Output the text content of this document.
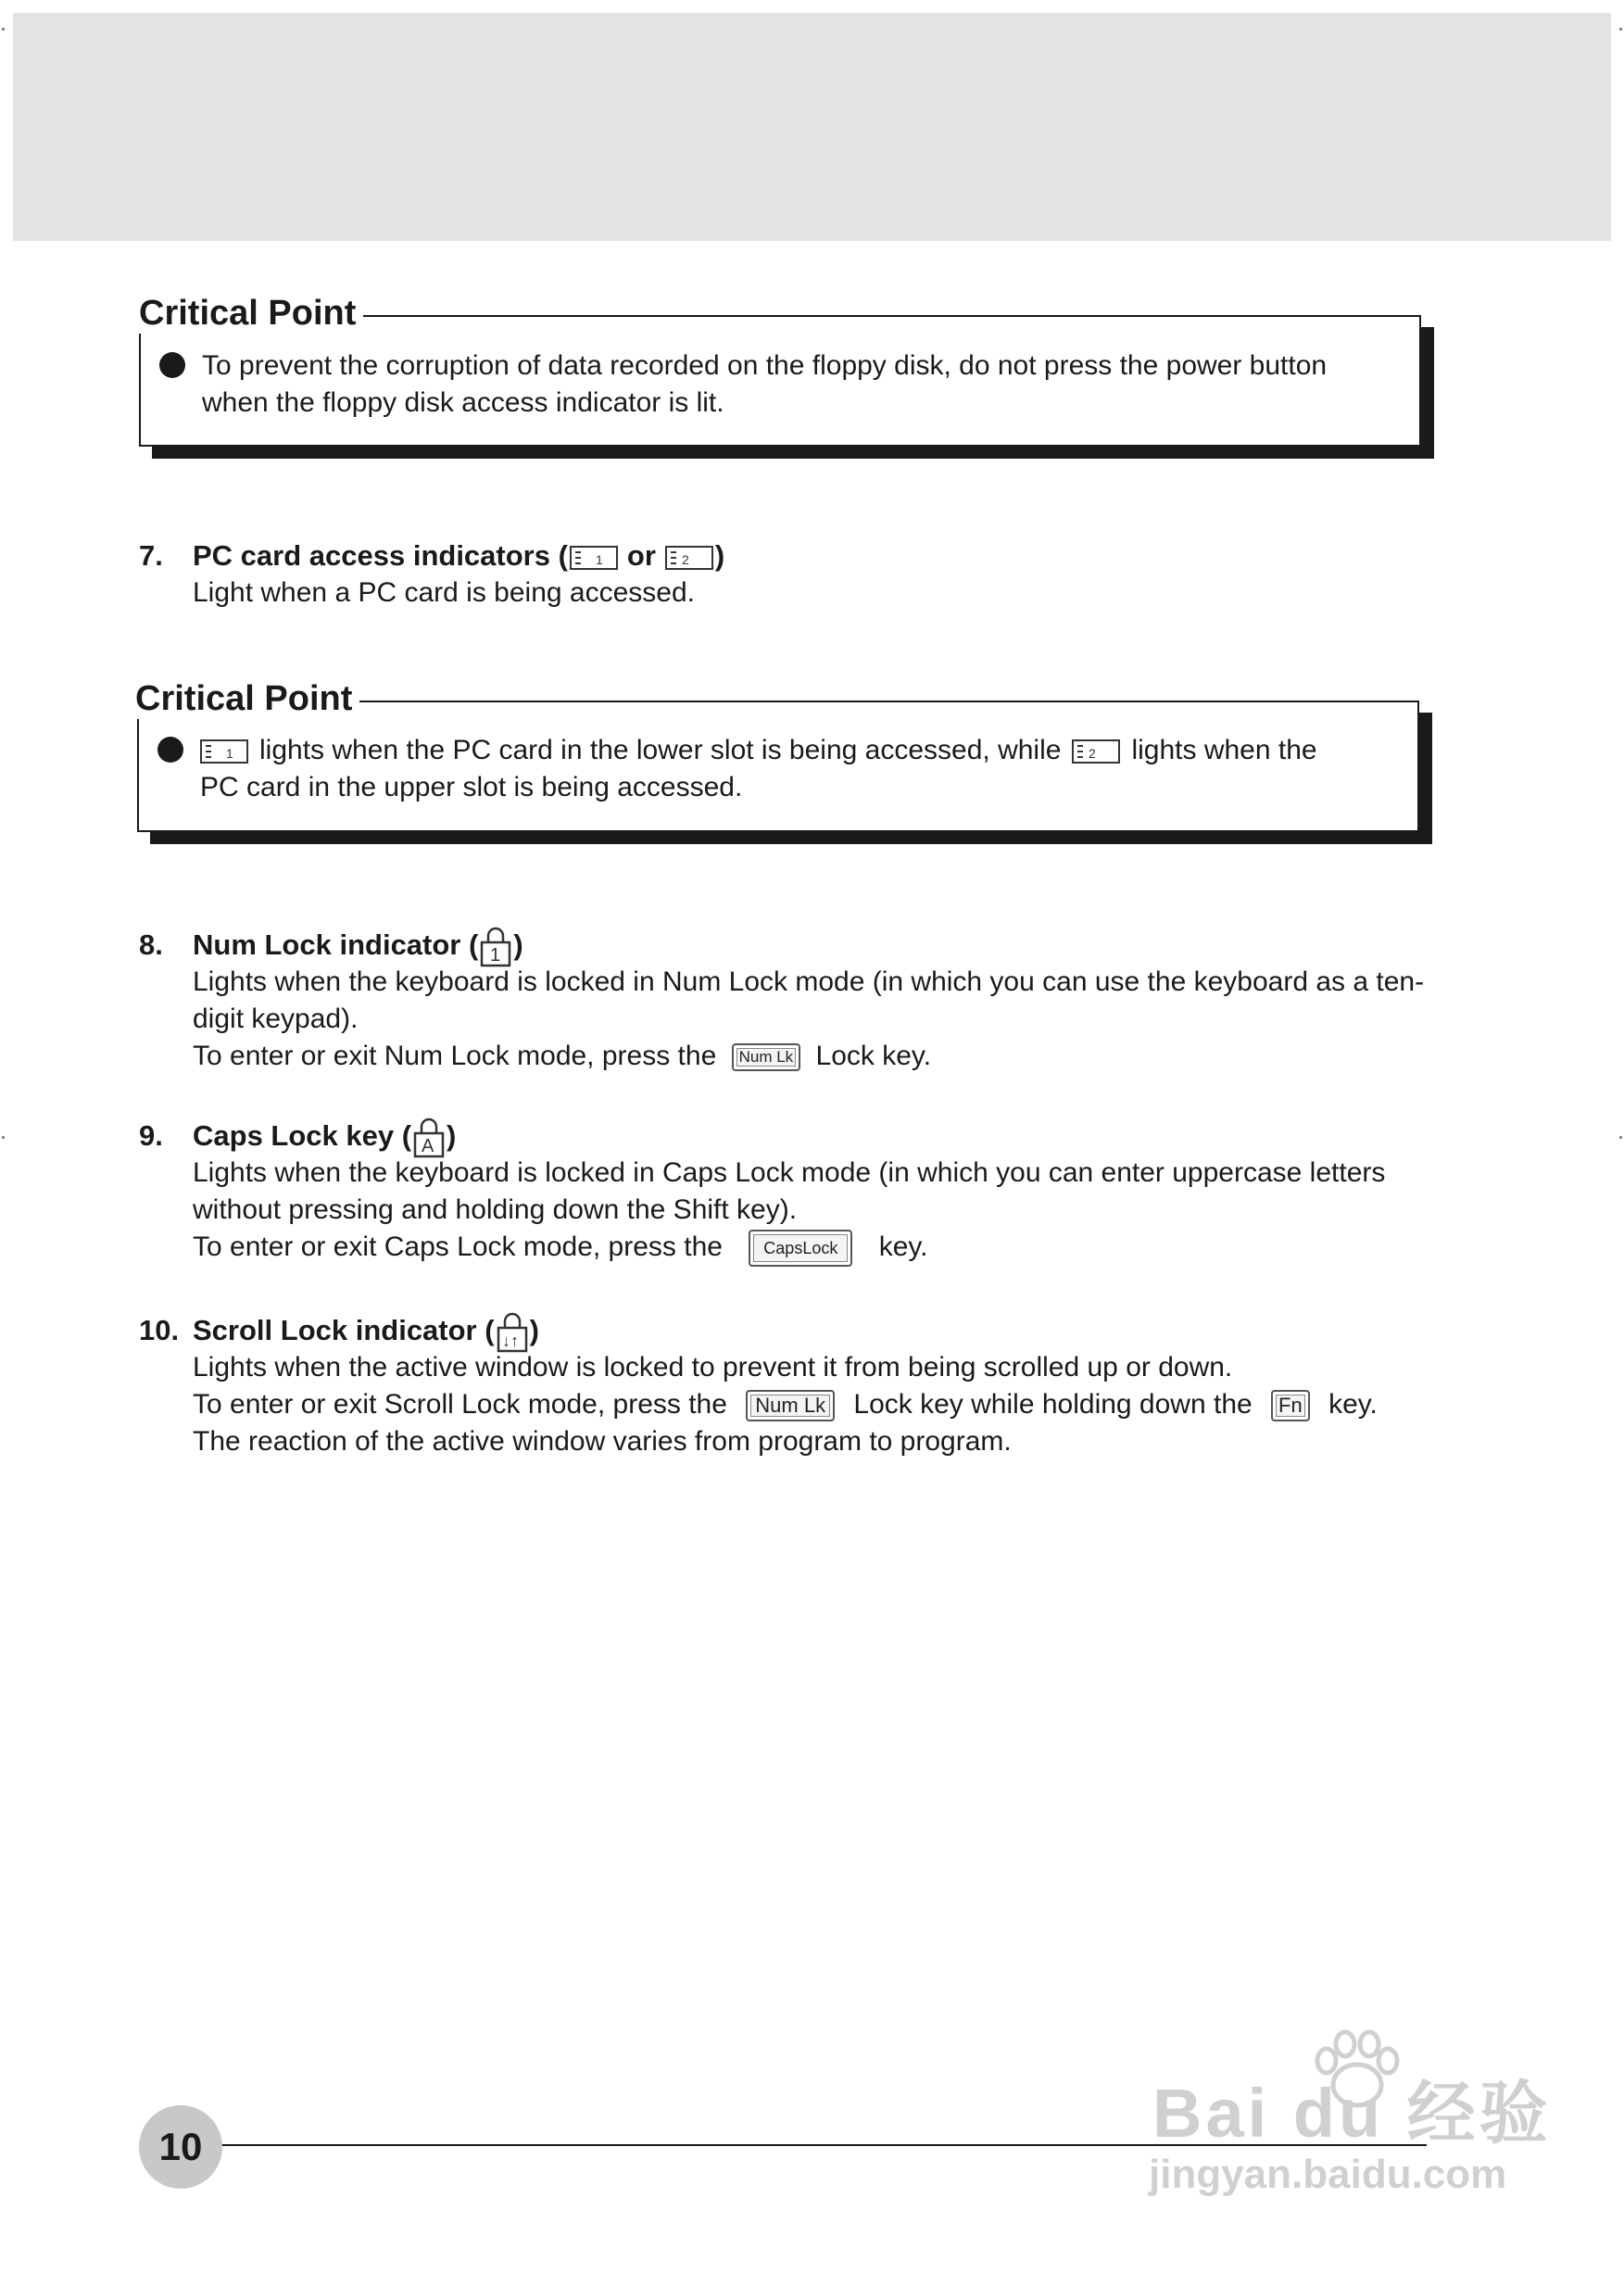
Critical Point
To prevent the corruption of data recorded on the floppy disk, do not press the power button when the floppy disk access indicator is lit.
7. PC card access indicators ( 1 or 2 )
Light when a PC card is being accessed.
Critical Point
1 lights when the PC card in the lower slot is being accessed, while 2 lights when the
PC card in the upper slot is being accessed.
8. Num Lock indicator ( 1 )
Lights when the keyboard is locked in Num Lock mode (in which you can use the keyboard as a ten-digit keypad).
To enter or exit Num Lock mode, press the Num Lk Lock key.
9. Caps Lock key ( A )
Lights when the keyboard is locked in Caps Lock mode (in which you can enter uppercase letters without pressing and holding down the Shift key).
To enter or exit Caps Lock mode, press the CapsLock key.
10. Scroll Lock indicator ( ↓↑ )
Lights when the active window is locked to prevent it from being scrolled up or down.
To enter or exit Scroll Lock mode, press the Num Lk Lock key while holding down the Fn key.
The reaction of the active window varies from program to program.
10	Bai du 经验
jingyan.baidu.com
